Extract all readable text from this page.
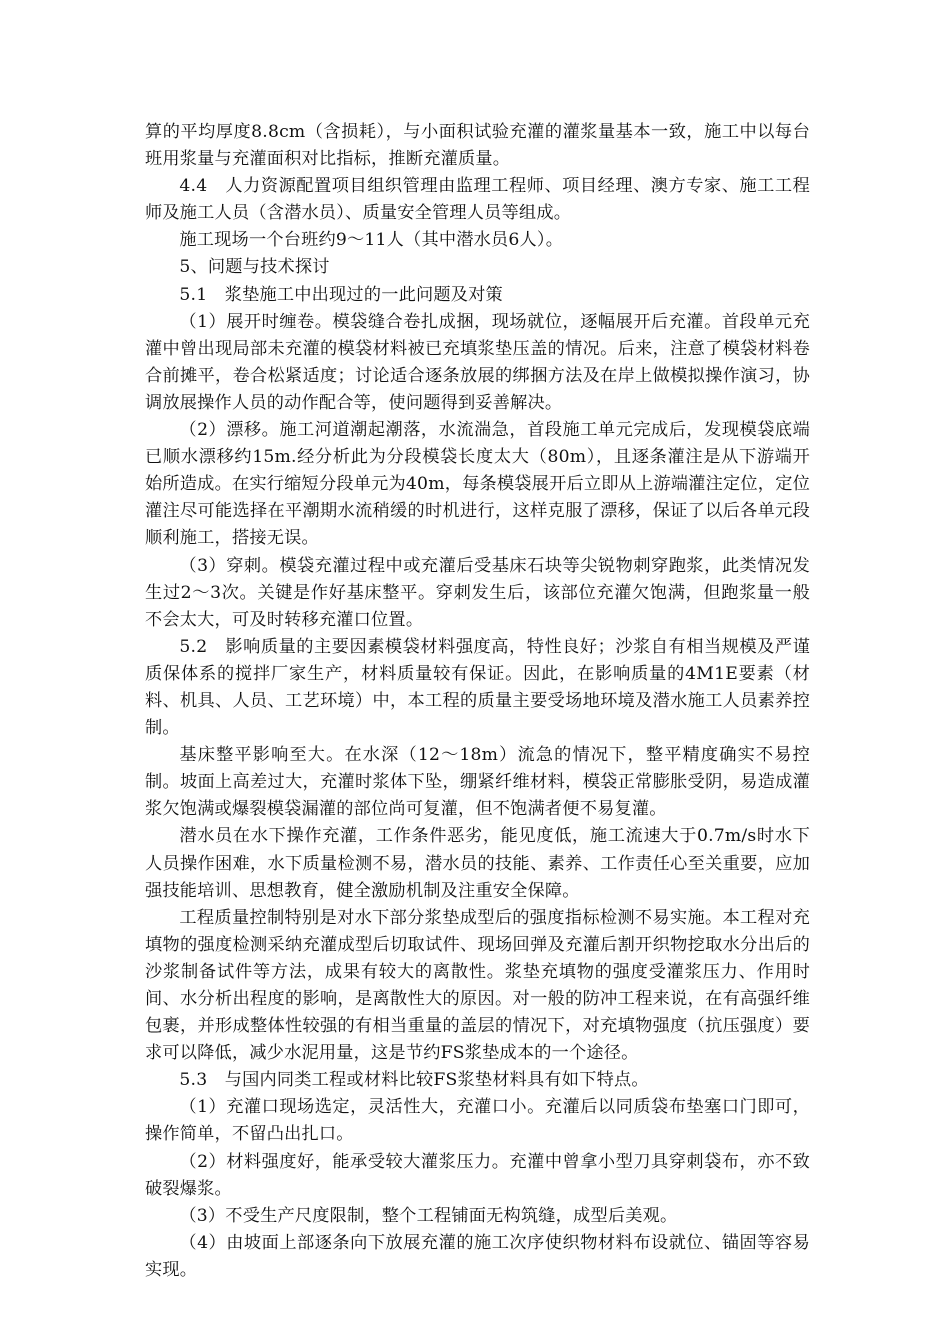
算的平均厚度8.8cm（含损耗），与小面积试验充灌的灌浆量基本一致，施工中以每台班用浆量与充灌面积对比指标，推断充灌质量。

4.4　人力资源配置项目组织管理由监理工程师、项目经理、澳方专家、施工工程师及施工人员（含潜水员）、质量安全管理人员等组成。

施工现场一个台班约9～11人（其中潜水员6人）。

5、问题与技术探讨

5.1　浆垫施工中出现过的一此问题及对策

（1）展开时缠卷。模袋缝合卷扎成捆，现场就位，逐幅展开后充灌。首段单元充灌中曾出现局部未充灌的模袋材料被已充填浆垫压盖的情况。后来，注意了模袋材料卷合前摊平，卷合松紧适度；讨论适合逐条放展的绑捆方法及在岸上做模拟操作演习，协调放展操作人员的动作配合等，使问题得到妥善解决。

（2）漂移。施工河道潮起潮落，水流湍急，首段施工单元完成后，发现模袋底端已顺水漂移约15m.经分析此为分段模袋长度太大（80m），且逐条灌注是从下游端开始所造成。在实行缩短分段单元为40m，每条模袋展开后立即从上游端灌注定位，定位灌注尽可能选择在平潮期水流稍缓的时机进行，这样克服了漂移，保证了以后各单元段顺利施工，搭接无误。

（3）穿刺。模袋充灌过程中或充灌后受基床石块等尖锐物刺穿跑浆，此类情况发生过2～3次。关键是作好基床整平。穿刺发生后，该部位充灌欠饱满，但跑浆量一般不会太大，可及时转移充灌口位置。

5.2　影响质量的主要因素模袋材料强度高，特性良好；沙浆自有相当规模及严谨质保体系的搅拌厂家生产，材料质量较有保证。因此，在影响质量的4M1E要素（材料、机具、人员、工艺环境）中，本工程的质量主要受场地环境及潜水施工人员素养控制。

基床整平影响至大。在水深（12～18m）流急的情况下，整平精度确实不易控制。坡面上高差过大，充灌时浆体下坠，绷紧纤维材料，模袋正常膨胀受阴，易造成灌浆欠饱满或爆裂模袋漏灌的部位尚可复灌，但不饱满者便不易复灌。

潜水员在水下操作充灌，工作条件恶劣，能见度低，施工流速大于0.7m/s时水下人员操作困难，水下质量检测不易，潜水员的技能、素养、工作责任心至关重要，应加强技能培训、思想教育，健全激励机制及注重安全保障。

工程质量控制特别是对水下部分浆垫成型后的强度指标检测不易实施。本工程对充填物的强度检测采纳充灌成型后切取试件、现场回弹及充灌后割开织物挖取水分出后的沙浆制备试件等方法，成果有较大的离散性。浆垫充填物的强度受灌浆压力、作用时间、水分析出程度的影响，是离散性大的原因。对一般的防冲工程来说，在有高强纤维包裹，并形成整体性较强的有相当重量的盖层的情况下，对充填物强度（抗压强度）要求可以降低，减少水泥用量，这是节约FS浆垫成本的一个途径。

5.3　与国内同类工程或材料比较FS浆垫材料具有如下特点。

（1）充灌口现场选定，灵活性大，充灌口小。充灌后以同质袋布垫塞口门即可，操作简单，不留凸出扎口。

（2）材料强度好，能承受较大灌浆压力。充灌中曾拿小型刀具穿刺袋布，亦不致破裂爆浆。

（3）不受生产尺度限制，整个工程铺面无构筑缝，成型后美观。

（4）由坡面上部逐条向下放展充灌的施工次序使织物材料布设就位、锚固等容易实现。
